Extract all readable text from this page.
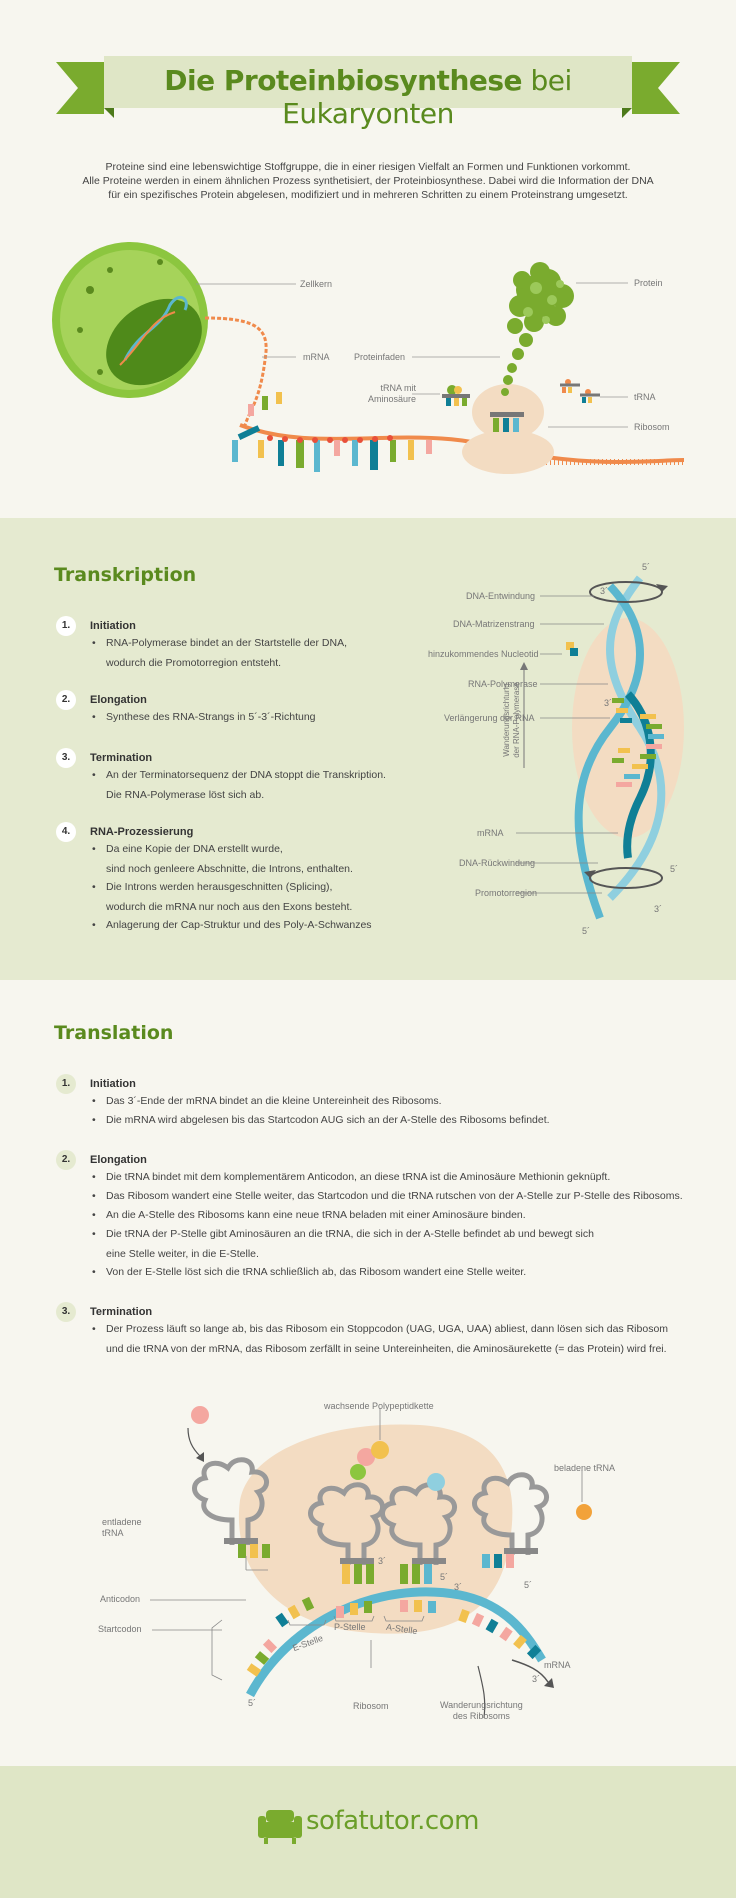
Die Proteinbiosynthese bei Eukaryonten
Proteine sind eine lebenswichtige Stoffgruppe, die in einer riesigen Vielfalt an Formen und Funktionen vorkommt.
Alle Proteine werden in einem ähnlichen Prozess synthetisiert, der Proteinbiosynthese. Dabei wird die Information der DNA
für ein spezifisches Protein abgelesen, modifiziert und in mehreren Schritten zu einem Proteinstrang umgesetzt.
Zellkern
mRNA	Proteinfaden
tRNA mit
Aminosäure
Protein
tRNA
Ribosom
Transkription
1.	Initiation
• RNA-Polymerase bindet an der Startstelle der DNA,
wodurch die Promotorregion entsteht.
2.	Elongation
• Synthese des RNA-Strangs in 5´-3´-Richtung
3.	Termination
• An der Terminatorsequenz der DNA stoppt die Transkription.
Die RNA-Polymerase löst sich ab.
4.	RNA-Prozessierung
• Da eine Kopie der DNA erstellt wurde,
sind noch genleere Abschnitte, die Introns, enthalten.
• Die Introns werden herausgeschnitten (Splicing),
wodurch die mRNA nur noch aus den Exons besteht.
• Anlagerung der Cap-Struktur und des Poly-A-Schwanzes
DNA-Entwindung
DNA-Matrizenstrang
hinzukommendes Nucleotid
RNA-Polymerase
Verlängerung der RNA
mRNA
DNA-Rückwindung
Promotorregion
Wanderungsrichtung der RNA-Polymerase
5´
3´
3´
5´
3´
5´
Translation
1.	Initiation
• Das 3´-Ende der mRNA bindet an die kleine Untereinheit des Ribosoms.
• Die mRNA wird abgelesen bis das Startcodon AUG sich an der A-Stelle des Ribosoms befindet.
2.	Elongation
• Die tRNA bindet mit dem komplementärem Anticodon, an diese tRNA ist die Aminosäure Methionin geknüpft.
• Das Ribosom wandert eine Stelle weiter, das Startcodon und die tRNA rutschen von der A-Stelle zur P-Stelle des Ribosoms.
• An die A-Stelle des Ribosoms kann eine neue tRNA beladen mit einer Aminosäure binden.
• Die tRNA der P-Stelle gibt Aminosäuren an die tRNA, die sich in der A-Stelle befindet ab und bewegt sich
eine Stelle weiter, in die E-Stelle.
• Von der E-Stelle löst sich die tRNA schließlich ab, das Ribosom wandert eine Stelle weiter.
3.	Termination
• Der Prozess läuft so lange ab, bis das Ribosom ein Stoppcodon (UAG, UGA, UAA) abliest, dann lösen sich das Ribosom
und die tRNA von der mRNA, das Ribosom zerfällt in seine Untereinheiten, die Aminosäurekette (= das Protein) wird frei.
wachsende Polypeptidkette
beladene tRNA
entladene
tRNA
Anticodon
Startcodon
E-Stelle
P-Stelle A-Stelle
mRNA
Ribosom	Wanderungsrichtung
des Ribosoms
3´
5´
5´
3´
5´
3´
sofatutor.com
